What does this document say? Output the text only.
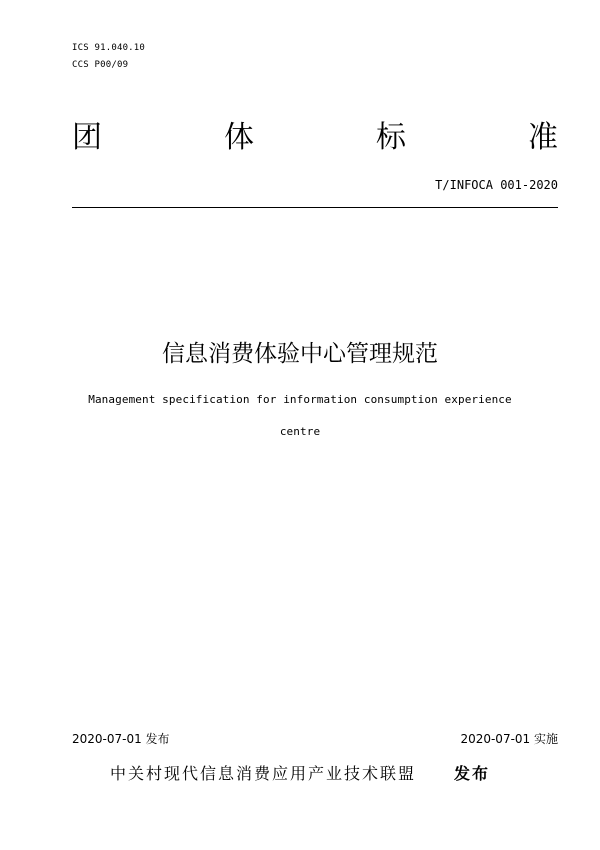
ICS 91.040.10
CCS P00/09
团	体	标	准
T/INFOCA 001-2020
信息消费体验中心管理规范
Management specification for information consumption experience centre
2020-07-01 发布	2020-07-01 实施
中关村现代信息消费应用产业技术联盟 发布
